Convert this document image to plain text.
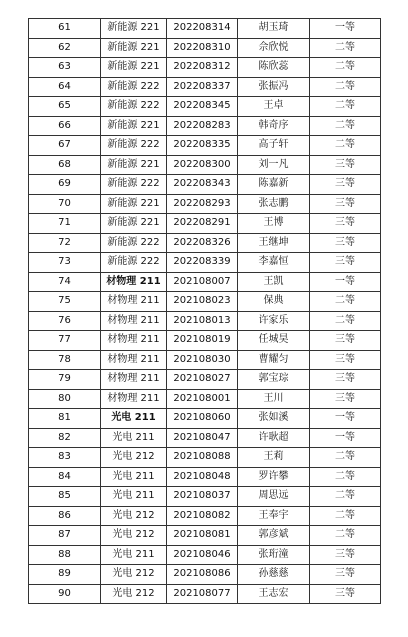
61	新能源 221	202208314	胡玉琦	一等
62	新能源 221	202208310	佘欣悦	二等
63	新能源 221	202208312	陈欣蕊	二等
64	新能源 222	202208337	张振冯	二等
65	新能源 222	202208345	王卓	二等
66	新能源 221	202208283	韩奇序	二等
67	新能源 222	202208335	高子轩	二等
68	新能源 221	202208300	刘一凡	三等
69	新能源 222	202208343	陈嘉新	三等
70	新能源 221	202208293	张志鹏	三等
71	新能源 221	202208291	王博	三等
72	新能源 222	202208326	王继坤	三等
73	新能源 222	202208339	李嘉恒	三等
74	材物理 211	202108007	王凯	一等
75	材物理 211	202108023	保典	二等
76	材物理 211	202108013	许家乐	二等
77	材物理 211	202108019	任城昊	三等
78	材物理 211	202108030	曹耀匀	三等
79	材物理 211	202108027	郭宝琮	三等
80	材物理 211	202108001	王川	三等
81	光电 211	202108060	张如溪	一等
82	光电 211	202108047	许耿超	一等
83	光电 212	202108088	王莉	二等
84	光电 211	202108048	罗许攀	二等
85	光电 211	202108037	周思远	二等
86	光电 212	202108082	王奉宇	二等
87	光电 212	202108081	郭彦斌	二等
88	光电 211	202108046	张珩潼	三等
89	光电 212	202108086	孙慈慈	三等
90	光电 212	202108077	王志宏	三等
